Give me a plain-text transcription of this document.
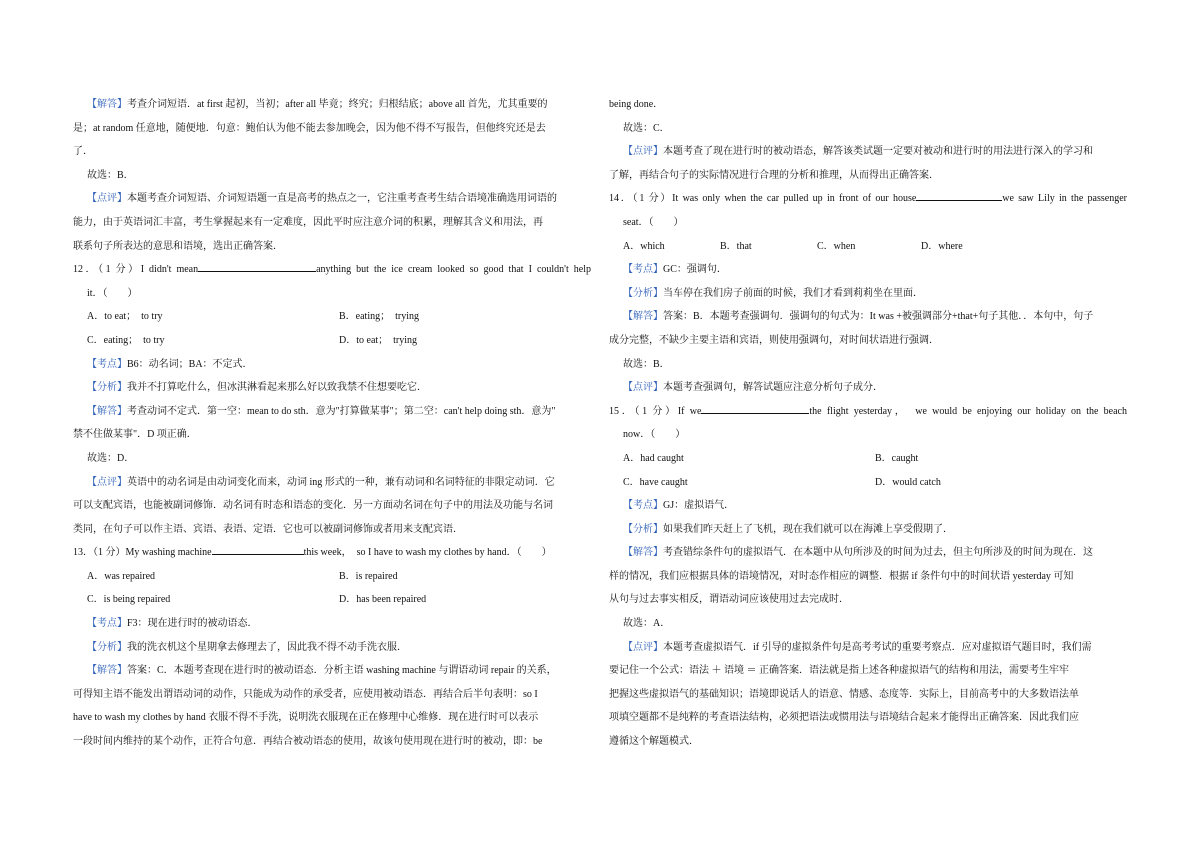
【解答】考查介词短语．at first 起初，当初；after all 毕竟；终究；归根结底；above all 首先，尤其重要的

是；at random 任意地，随便地．句意：鲍伯认为他不能去参加晚会，因为他不得不写报告，但他终究还是去

了．

故选：B．

【点评】本题考查介词短语、介词短语题一直是高考的热点之一，它注重考查考生结合语境准确选用词语的

能力，由于英语词汇丰富，考生掌握起来有一定难度，因此平时应注意介词的积累，理解其含义和用法，再

联系句子所表达的意思和语境，选出正确答案．

12．（1 分）I didn't mean	anything but the ice cream looked so good that I couldn't help

it．（　　）

A．to eat；　to try	B．eating；　trying
C．eating；　to try	D．to eat；　trying

【考点】B6：动名词；BA：不定式．

【分析】我并不打算吃什么，但冰淇淋看起来那么好以致我禁不住想要吃它．

【解答】考查动词不定式．第一空：mean to do sth．意为"打算做某事"；第二空：can't help doing sth．意为"

禁不住做某事"．D 项正确．

故选：D．

【点评】英语中的动名词是由动词变化而来，动词 ing 形式的一种，兼有动词和名词特征的非限定动词．它

可以支配宾语，也能被副词修饰．动名词有时态和语态的变化．另一方面动名词在句子中的用法及功能与名词

类同，在句子可以作主语、宾语、表语、定语．它也可以被副词修饰或者用来支配宾语．

13．（1 分）My washing machine	this week，　so I have to wash my clothes by hand．（　　）

A．was repaired	B．is repaired
C．is being repaired	D．has been repaired

【考点】F3：现在进行时的被动语态．

【分析】我的洗衣机这个星期拿去修理去了，因此我不得不动手洗衣服．

【解答】答案：C．本题考查现在进行时的被动语态．分析主语 washing machine 与谓语动词 repair 的关系，

可得知主语不能发出谓语动词的动作，只能成为动作的承受者，应使用被动语态．再结合后半句表明：so I

have to wash my clothes by hand 衣服不得不手洗，说明洗衣服现在正在修理中心维修．现在进行时可以表示

一段时间内维持的某个动作，正符合句意．再结合被动语态的使用，故该句使用现在进行时的被动，即：be

being done．

故选：C．

【点评】本题考查了现在进行时的被动语态，解答该类试题一定要对被动和进行时的用法进行深入的学习和

了解，再结合句子的实际情况进行合理的分析和推理，从而得出正确答案．

14．（1 分）It was only when the car pulled up in front of our house	we saw Lily in the passenger

seat．（　　）

A．which	B．that	C．when	D．where

【考点】GC：强调句．

【分析】当车停在我们房子前面的时候，我们才看到莉莉坐在里面．

【解答】答案：B．本题考查强调句．强调句的句式为：It was +被强调部分+that+句子其他．．本句中，句子

成分完整，不缺少主要主语和宾语，则使用强调句，对时间状语进行强调．

故选：B．

【点评】本题考查强调句，解答试题应注意分析句子成分．

15．（1 分）If we	the flight yesterday，　we would be enjoying our holiday on the beach

now．（　　）

A．had caught	B．caught
C．have caught	D．would catch

【考点】GJ：虚拟语气．

【分析】如果我们昨天赶上了飞机，现在我们就可以在海滩上享受假期了．

【解答】考查错综条件句的虚拟语气．在本题中从句所涉及的时间为过去，但主句所涉及的时间为现在．这

样的情况，我们应根据具体的语境情况，对时态作相应的调整．根据 if 条件句中的时间状语 yesterday 可知

从句与过去事实相反，谓语动词应该使用过去完成时．

故选：A．

【点评】本题考查虚拟语气．if 引导的虚拟条件句是高考考试的重要考察点．应对虚拟语气题目时，我们需

要记住一个公式：语法 ＋ 语境 ＝ 正确答案．语法就是指上述各种虚拟语气的结构和用法，需要考生牢牢

把握这些虚拟语气的基础知识；语境即说话人的语意、情感、态度等．实际上，目前高考中的大多数语法单

项填空题都不是纯粹的考查语法结构，必须把语法或惯用法与语境结合起来才能得出正确答案．因此我们应

遵循这个解题模式．
